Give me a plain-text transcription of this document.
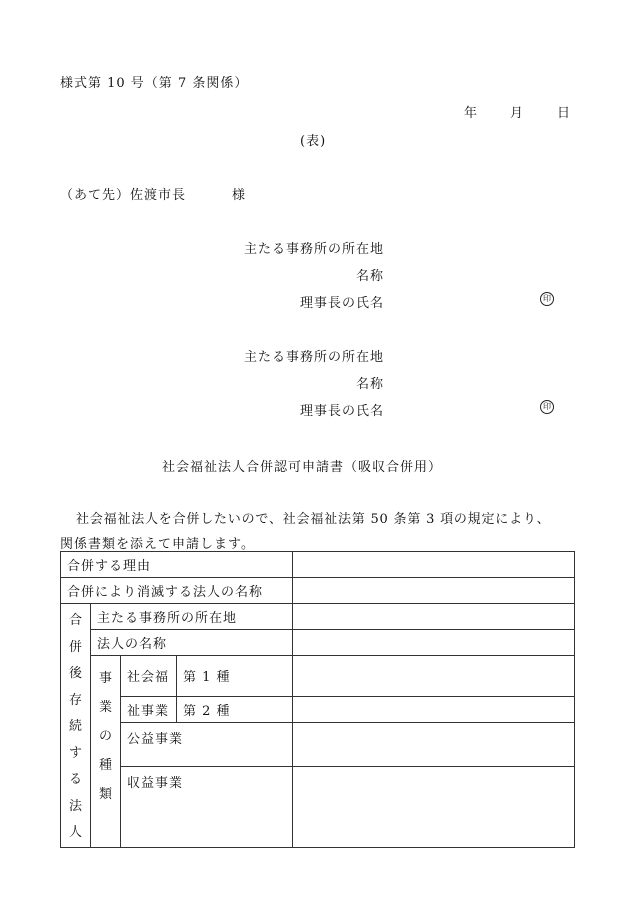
様式第 10 号（第 7 条関係）
年 月	日
(表)
（あて先）佐渡市長	様
主たる事務所の所在地
名称
理事長の氏名	印
主たる事務所の所在地
名称
理事長の氏名	印
社会福祉法人合併認可申請書（吸収合併用）
社会福祉法人を合併したいので、社会福祉法第 50 条第 3 項の規定により、
関係書類を添えて申請します。
合併する理由				
合併により消滅する法人の名称				

合併後存続する法人	主たる事務所の所在地			
	法人の名称			

	事業の種類	社会福	第 1 種	
		祉事業	第 2 種	
		公益事業		
		収益事業		
